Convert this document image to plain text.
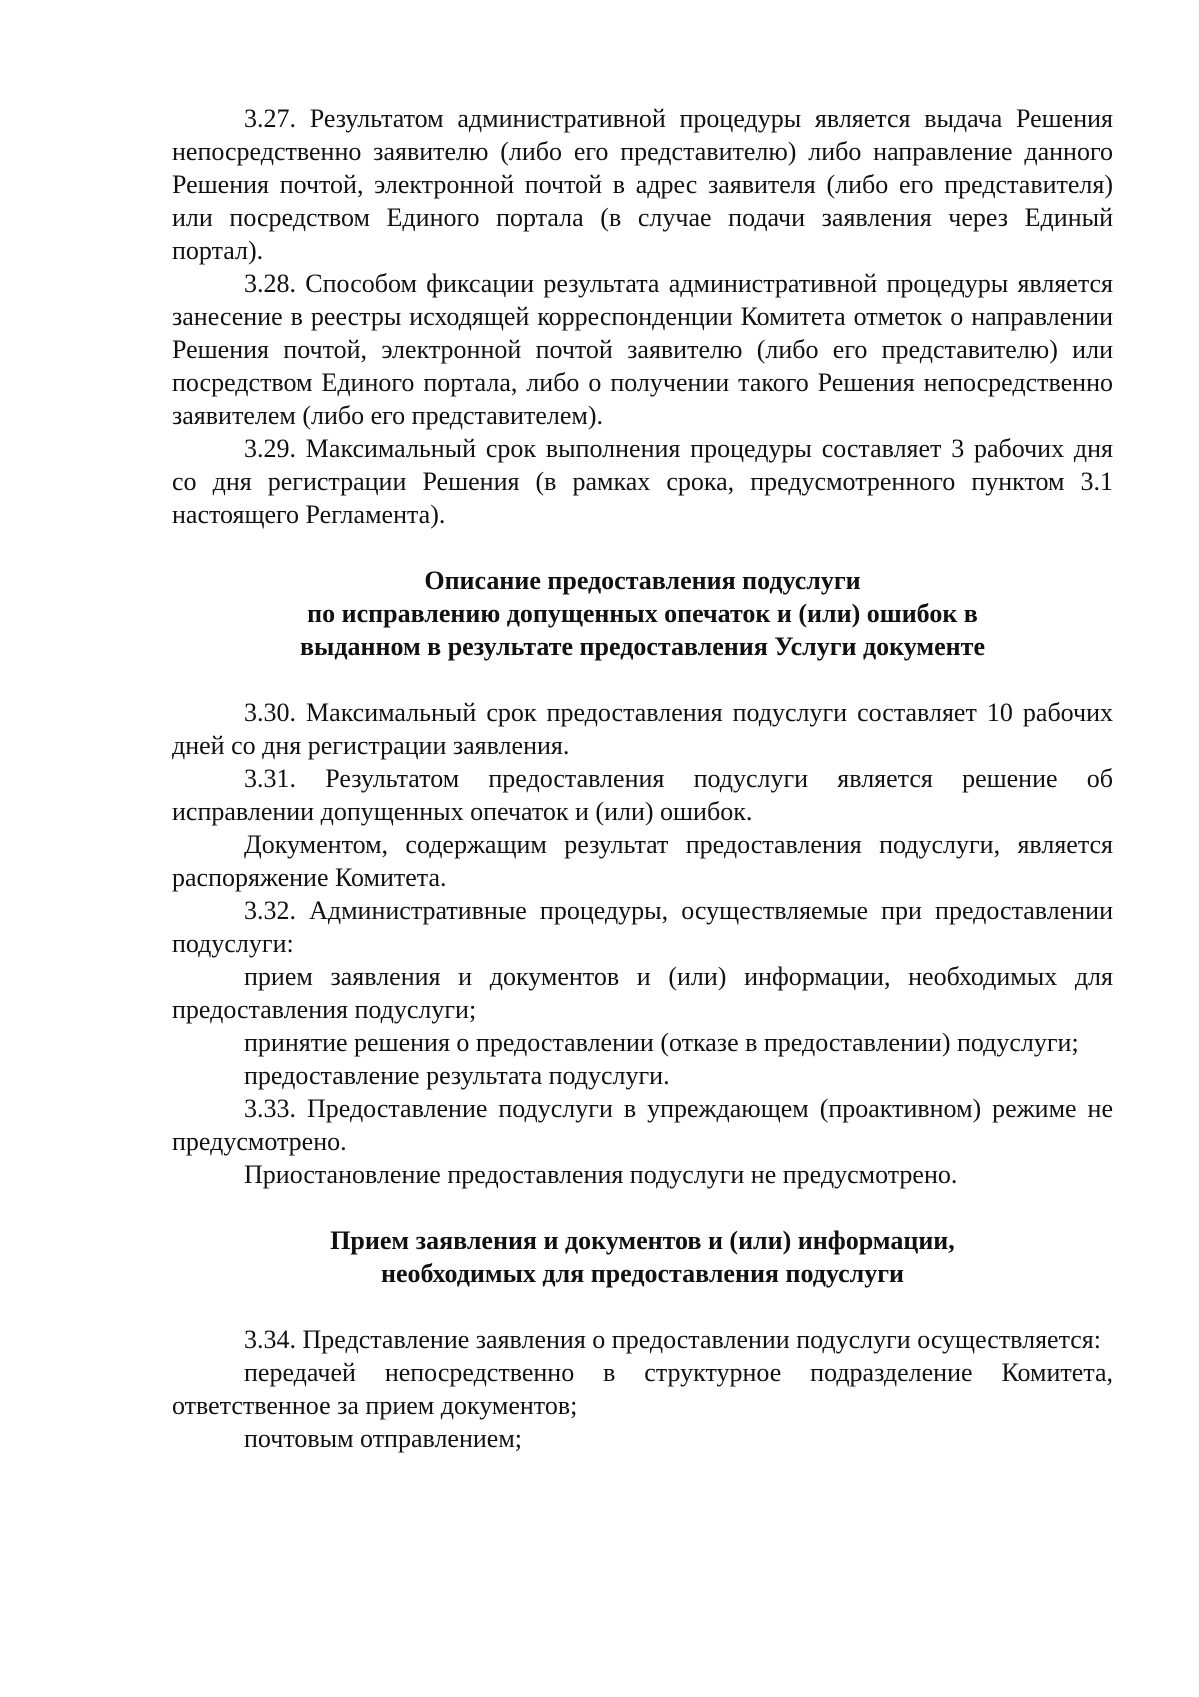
3.27. Результатом административной процедуры является выдача Решения непосредственно заявителю (либо его представителю) либо направление данного Решения почтой, электронной почтой в адрес заявителя (либо его представителя) или посредством Единого портала (в случае подачи заявления через Единый портал).

3.28. Способом фиксации результата административной процедуры является занесение в реестры исходящей корреспонденции Комитета отметок о направлении Решения почтой, электронной почтой заявителю (либо его представителю) или посредством Единого портала, либо о получении такого Решения непосредственно заявителем (либо его представителем).

3.29. Максимальный срок выполнения процедуры составляет 3 рабочих дня со дня регистрации Решения (в рамках срока, предусмотренного пунктом 3.1 настоящего Регламента).

Описание предоставления подуслуги
по исправлению допущенных опечаток и (или) ошибок в
выданном в результате предоставления Услуги документе

3.30. Максимальный срок предоставления подуслуги составляет 10 рабочих дней со дня регистрации заявления.

3.31. Результатом предоставления подуслуги является решение об исправлении допущенных опечаток и (или) ошибок.

Документом, содержащим результат предоставления подуслуги, является распоряжение Комитета.

3.32. Административные процедуры, осуществляемые при предоставлении подуслуги:

прием заявления и документов и (или) информации, необходимых для предоставления подуслуги;

принятие решения о предоставлении (отказе в предоставлении) подуслуги;

предоставление результата подуслуги.

3.33. Предоставление подуслуги в упреждающем (проактивном) режиме не предусмотрено.

Приостановление предоставления подуслуги не предусмотрено.

Прием заявления и документов и (или) информации,
необходимых для предоставления подуслуги

3.34. Представление заявления о предоставлении подуслуги осуществляется:

передачей непосредственно в структурное подразделение Комитета, ответственное за прием документов;

почтовым отправлением;
